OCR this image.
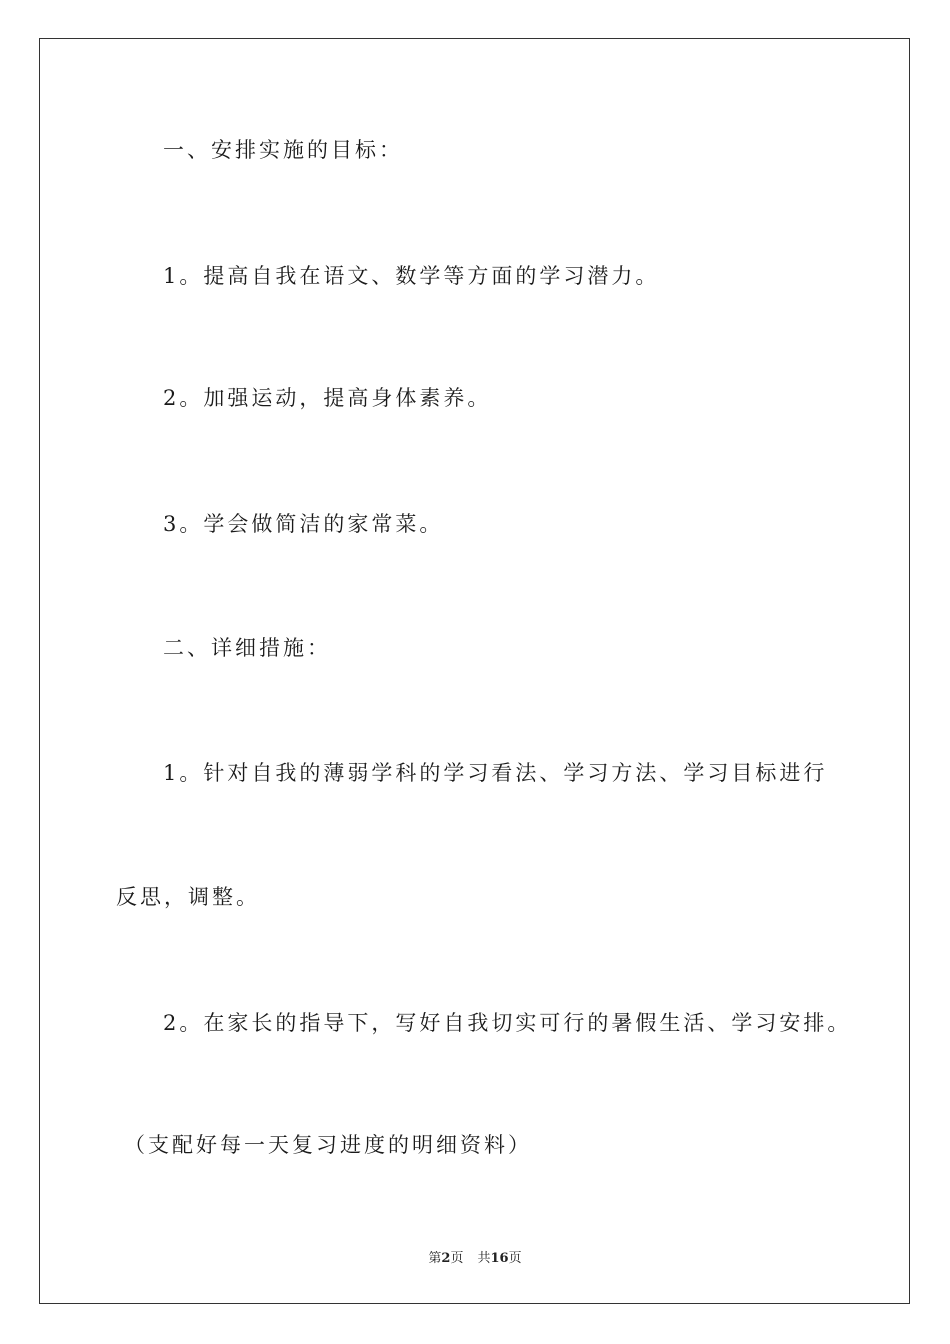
一、安排实施的目标：
1。提高自我在语文、数学等方面的学习潜力。
2。加强运动，提高身体素养。
3。学会做简洁的家常菜。
二、详细措施：
1。针对自我的薄弱学科的学习看法、学习方法、学习目标进行
反思，调整。
2。在家长的指导下，写好自我切实可行的暑假生活、学习安排。
（支配好每一天复习进度的明细资料）
第2页 共16页
